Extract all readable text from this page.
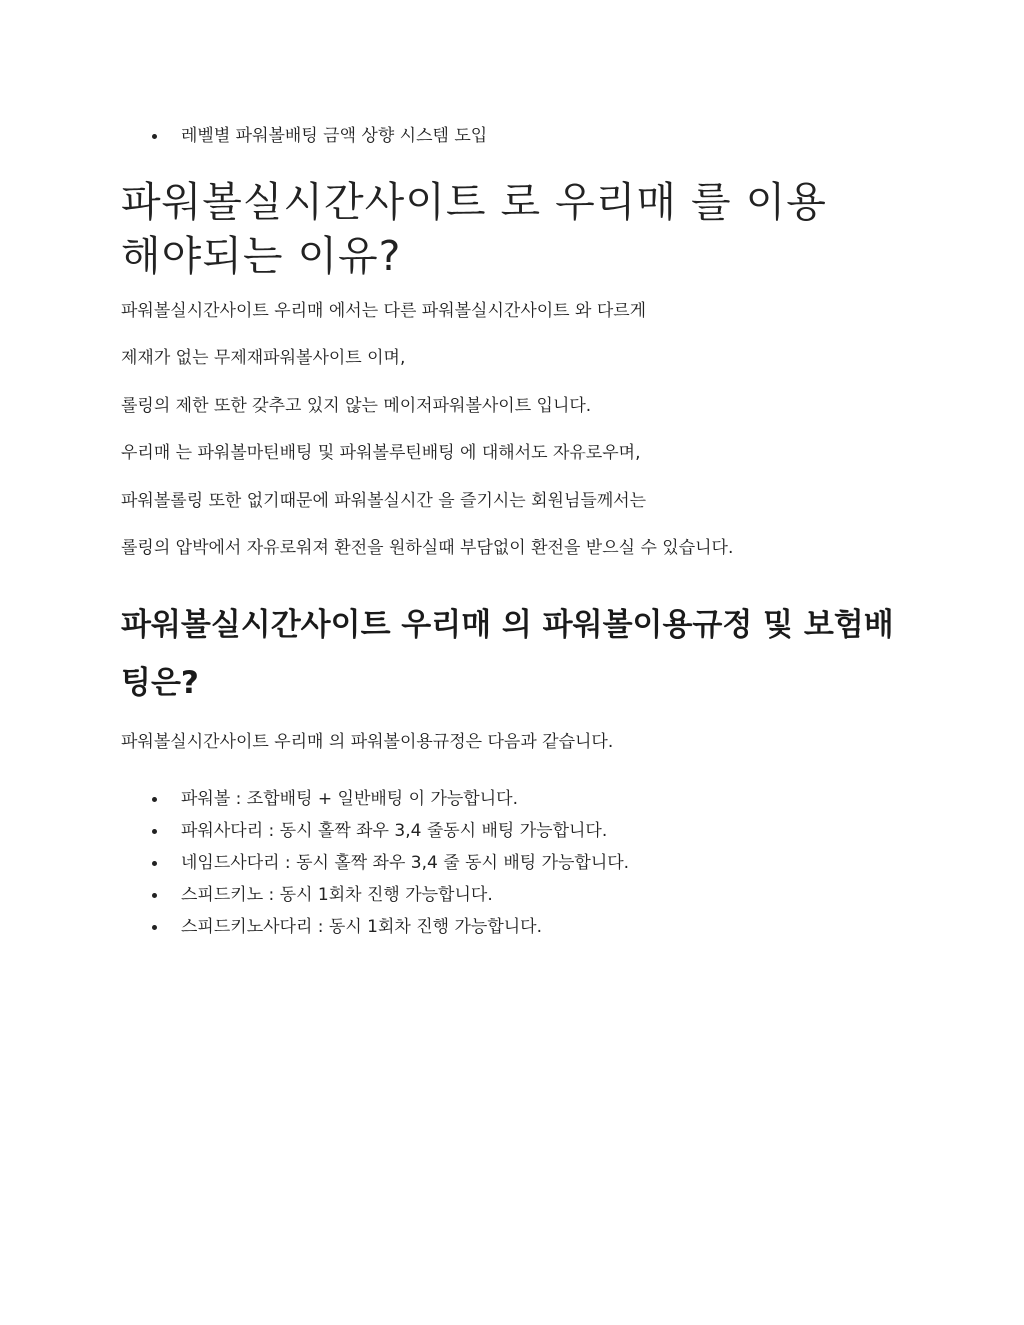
레벨별 파워볼배팅 금액 상향 시스템 도입
파워볼실시간사이트 로 우리매 를 이용해야되는 이유?

파워볼실시간사이트 우리매 에서는 다른 파워볼실시간사이트 와 다르게

제재가 없는 무제재파워볼사이트 이며,

롤링의 제한 또한 갖추고 있지 않는 메이저파워볼사이트 입니다.

우리매 는 파워볼마틴배팅 및 파워볼루틴배팅 에 대해서도 자유로우며,

파워볼롤링 또한 없기때문에 파워볼실시간 을 즐기시는 회원님들께서는

롤링의 압박에서 자유로워져 환전을 원하실때 부담없이 환전을 받으실 수 있습니다.

파워볼실시간사이트 우리매 의 파워볼이용규정 및 보험배팅은?

파워볼실시간사이트 우리매 의 파워볼이용규정은 다음과 같습니다.

파워볼 : 조합배팅 + 일반배팅 이 가능합니다.
파워사다리 : 동시 홀짝 좌우 3,4 줄동시 배팅 가능합니다.
네임드사다리 : 동시 홀짝 좌우 3,4 줄 동시 배팅 가능합니다.
스피드키노 : 동시 1회차 진행 가능합니다.
스피드키노사다리 : 동시 1회차 진행 가능합니다.
